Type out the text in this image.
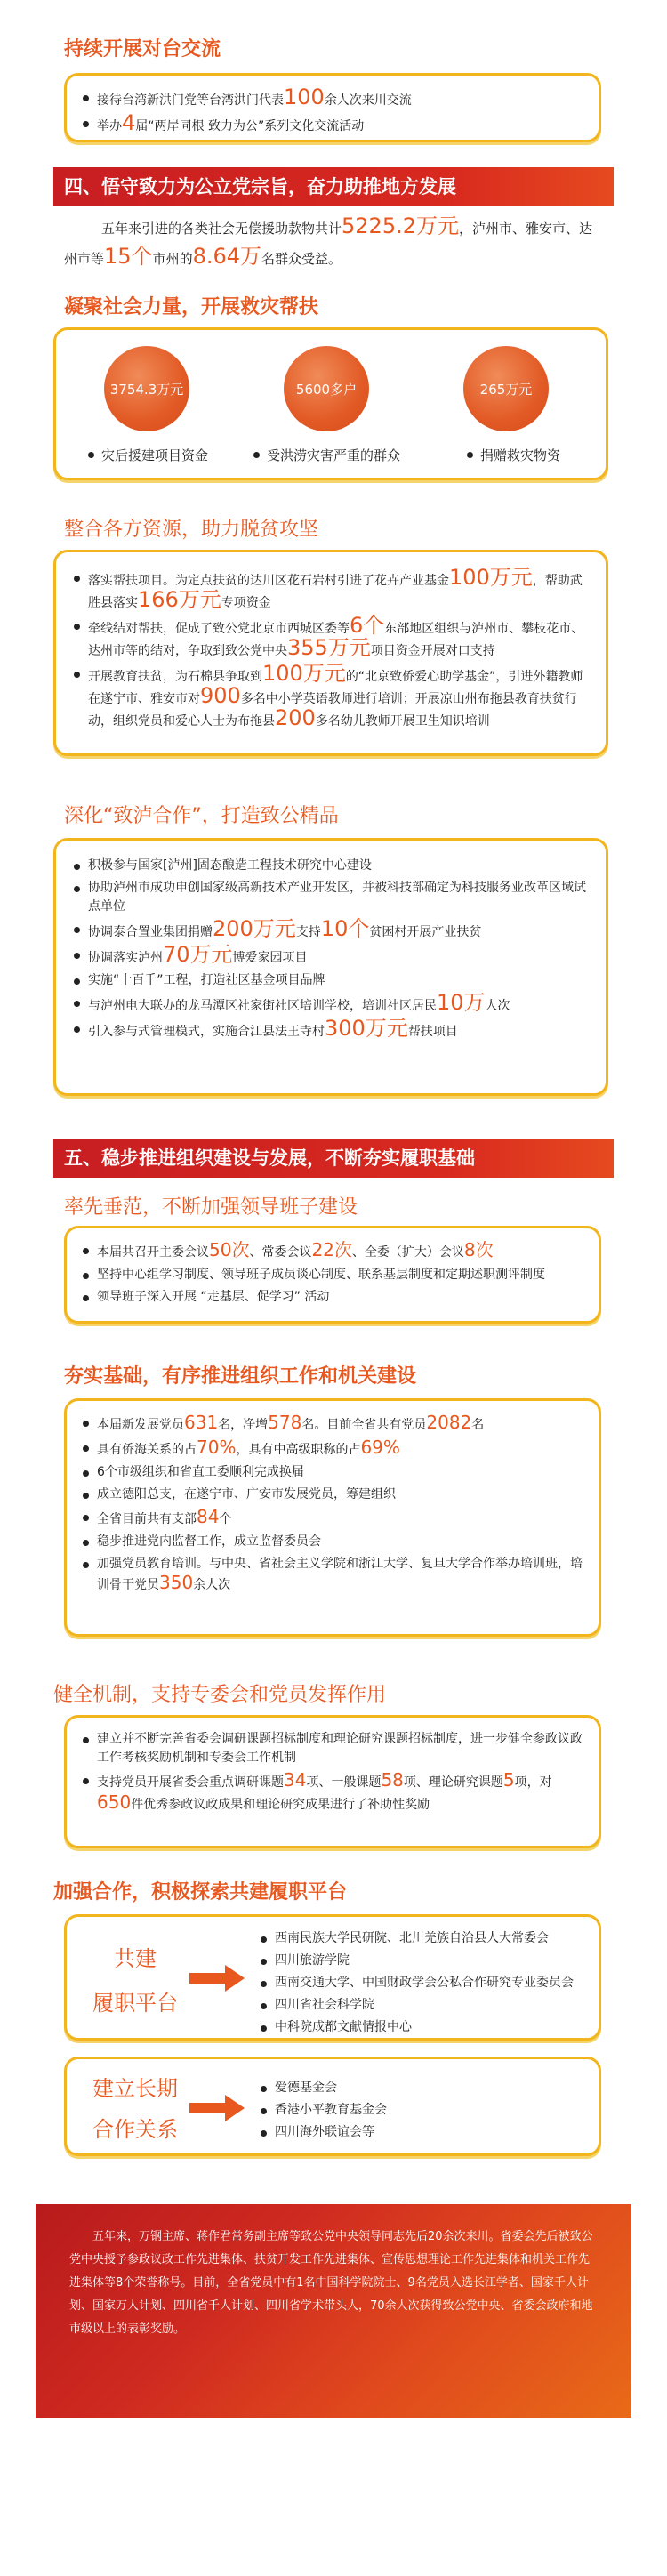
持续开展对台交流
接待台湾新洪门党等台湾洪门代表100余人次来川交流
举办4届“两岸同根 致力为公”系列文化交流活动
四、悟守致力为公立党宗旨，奋力助推地方发展
五年来引进的各类社会无偿援助款物共计5225.2万元，泸州市、雅安市、达州市等15个市州的8.64万名群众受益。
凝聚社会力量，开展救灾帮扶
3754.3万元	5600多户	265万元
灾后援建项目资金	受洪涝灾害严重的群众	捐赠救灾物资
整合各方资源，助力脱贫攻坚
落实帮扶项目。为定点扶贫的达川区花石岩村引进了花卉产业基金100万元，帮助武胜县落实166万元专项资金
牵线结对帮扶，促成了致公党北京市西城区委等6个东部地区组织与泸州市、攀枝花市、达州市等的结对，争取到致公党中央355万元项目资金开展对口支持
开展教育扶贫，为石棉县争取到100万元的“北京致侨爱心助学基金”，引进外籍教师在遂宁市、雅安市对900多名中小学英语教师进行培训；开展凉山州布拖县教育扶贫行动，组织党员和爱心人士为布拖县200多名幼儿教师开展卫生知识培训
深化“致泸合作”，打造致公精品
积极参与国家[泸州]固态酿造工程技术研究中心建设
协助泸州市成功申创国家级高新技术产业开发区，并被科技部确定为科技服务业改革区域试点单位
协调泰合置业集团捐赠200万元支持10个贫困村开展产业扶贫
协调落实泸州70万元博爱家园项目
实施“十百千”工程，打造社区基金项目品牌
与泸州电大联办的龙马潭区社家街社区培训学校，培训社区居民10万人次
引入参与式管理模式，实施合江县法王寺村300万元帮扶项目
五、稳步推进组织建设与发展，不断夯实履职基础
率先垂范，不断加强领导班子建设
本届共召开主委会议50次、常委会议22次、全委（扩大）会议8次
坚持中心组学习制度、领导班子成员谈心制度、联系基层制度和定期述职测评制度
领导班子深入开展 “走基层、促学习” 活动
夯实基础，有序推进组织工作和机关建设
本届新发展党员631名，净增578名。目前全省共有党员2082名
具有侨海关系的占70%，具有中高级职称的占69%
6个市级组织和省直工委顺利完成换届
成立德阳总支，在遂宁市、广安市发展党员，筹建组织
全省目前共有支部84个
稳步推进党内监督工作，成立监督委员会
加强党员教育培训。与中央、省社会主义学院和浙江大学、复旦大学合作举办培训班，培训骨干党员350余人次
健全机制，支持专委会和党员发挥作用
建立并不断完善省委会调研课题招标制度和理论研究课题招标制度，进一步健全参政议政工作考核奖励机制和专委会工作机制
支持党员开展省委会重点调研课题34项、一般课题58项、理论研究课题5项，对650件优秀参政议政成果和理论研究成果进行了补助性奖励
加强合作，积极探索共建履职平台
共建
履职平台
西南民族大学民研院、北川羌族自治县人大常委会
四川旅游学院
西南交通大学、中国财政学会公私合作研究专业委员会
四川省社会科学院
中科院成都文献情报中心
建立长期
合作关系
爱德基金会
香港小平教育基金会
四川海外联谊会等
五年来，万钢主席、蒋作君常务副主席等致公党中央领导同志先后20余次来川。省委会先后被致公党中央授予参政议政工作先进集体、扶贫开发工作先进集体、宣传思想理论工作先进集体和机关工作先进集体等8个荣誉称号。目前，全省党员中有1名中国科学院院士、9名党员入选长江学者、国家千人计划、国家万人计划、四川省千人计划、四川省学术带头人，70余人次获得致公党中央、省委会政府和地市级以上的表彰奖励。
